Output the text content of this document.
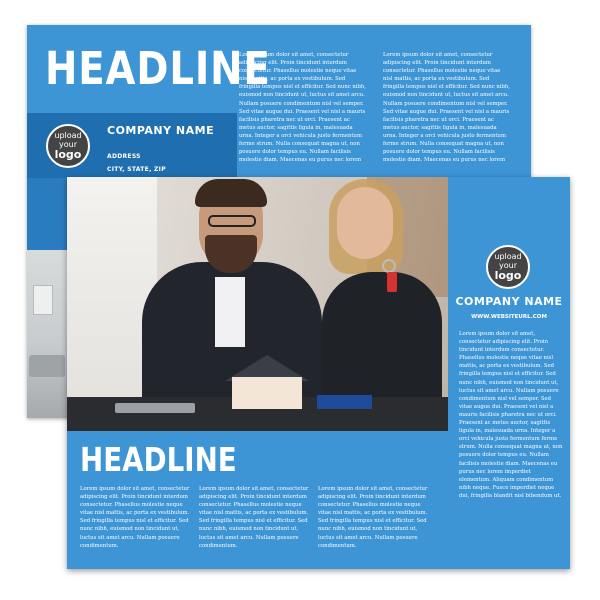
HEADLINE
upload
your
logo
COMPANY NAME
ADDRESS
CITY, STATE, ZIP
Lorem ipsum dolor sit amet, consectetur adipiscing elit. Proin tincidunt interdum consectetur. Phasellus molestie neque vitae nisl mattis, ac porta ex vestibulum. Sed fringilla tempus nisl et efficitur. Sed nunc nibh, euismod non tincidunt ut, luctus sit amet arcu. Nullam posuere condimentum nisl vel semper. Sed vitae augue dui. Praesent vel nisl a mauris facilisis pharetra nec ut orci. Praesent ac metus auctor, sagittis ligula in, malesuada urna. Integer a orci vehicula justo fermentum ferme strum. Nulla consequat magna ut, non posuere dolor tempus eu. Nullam facilisis molestie diam. Maecenas eu purus nec lorem
Lorem ipsum dolor sit amet, consectetur adipiscing elit. Proin tincidunt interdum consectetur. Phasellus molestie neque vitae nisl mattis, ac porta ex vestibulum. Sed fringilla tempus nisl et efficitur. Sed nunc nibh, euismod non tincidunt ut, luctus sit amet arcu. Nullam posuere condimentum nisl vel semper. Sed vitae augue dui. Praesent vel nisl a mauris facilisis pharetra nec ut orci. Praesent ac metus auctor, sagittis ligula in, malesuada urna. Integer a orci vehicula justo fermentum ferme strum. Nulla consequat magna ut, non posuere dolor tempus eu. Nullam facilisis molestie diam. Maecenas eu purus nec lorem
upload
your
logo
COMPANY NAME
WWW.WEBSITEURL.COM
Lorem ipsum dolor sit amet, consectetur adipiscing elit. Proin tincidunt interdum consectetur. Phasellus molestie neque vitae nisl mattis, ac porta ex vestibulum. Sed fringilla tempus nisl et efficitur. Sed nunc nibh, euismod non tincidunt ut, luctus sit amet arcu. Nullam posuere condimentum nisl vel semper. Sed vitae augue dui. Praesent vel nisl a mauris facilisis pharetra nec ut orci. Praesent ac metus auctor, sagittis ligula in, malesuada urna. Integer a orci vehicula justo fermentum ferme strum. Nulla consequat magna ut, non posuere dolor tempus eu. Nullam facilisis molestie diam. Maecenas eu purus nec lorem imperdiet elementum. Aliquam condimentum nibh neque. Fusce imperdiet neque dui, fringilla blandit nisl bibendum ut.
HEADLINE
Lorem ipsum dolor sit amet, consectetur adipiscing elit. Proin tincidunt interdum consectetur. Phasellus molestie neque vitae nisl mattis, ac porta ex vestibulum. Sed fringilla tempus nisl et efficitur. Sed nunc nibh, euismod non tincidunt ut, luctus sit amet arcu. Nullam posuere condimentum.
Lorem ipsum dolor sit amet, consectetur adipiscing elit. Proin tincidunt interdum consectetur. Phasellus molestie neque vitae nisl mattis, ac porta ex vestibulum. Sed fringilla tempus nisl et efficitur. Sed nunc nibh, euismod non tincidunt ut, luctus sit amet arcu. Nullam posuere condimentum.
Lorem ipsum dolor sit amet, consectetur adipiscing elit. Proin tincidunt interdum consectetur. Phasellus molestie neque vitae nisl mattis, ac porta ex vestibulum. Sed fringilla tempus nisl et efficitur. Sed nunc nibh, euismod non tincidunt ut, luctus sit amet arcu. Nullam posuere condimentum.
